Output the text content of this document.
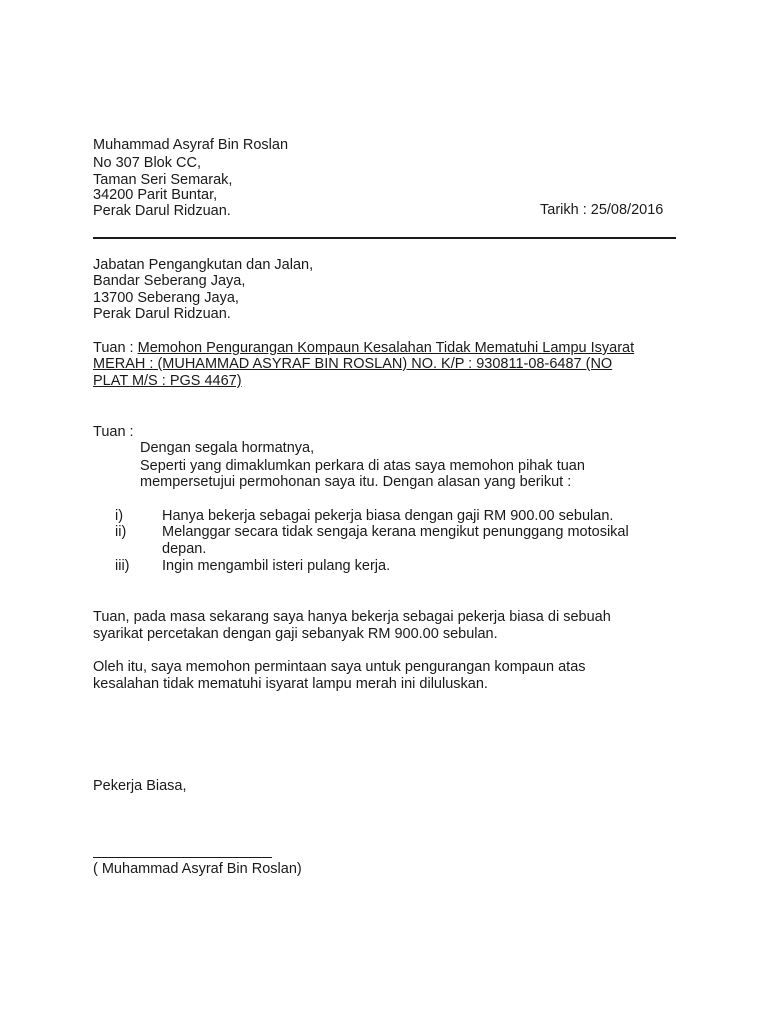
Muhammad Asyraf Bin Roslan
No 307 Blok CC,
Taman Seri Semarak,
34200 Parit Buntar,
Perak Darul Ridzuan.	Tarikh : 25/08/2016
Jabatan Pengangkutan dan Jalan,
Bandar Seberang Jaya,
13700 Seberang Jaya,
Perak Darul Ridzuan.
Tuan : Memohon Pengurangan Kompaun Kesalahan Tidak Mematuhi Lampu Isyarat
MERAH : (MUHAMMAD ASYRAF BIN ROSLAN) NO. K/P : 930811-08-6487 (NO
PLAT M/S : PGS 4467)
Tuan :
Dengan segala hormatnya,
Seperti yang dimaklumkan perkara di atas saya memohon pihak tuan
mempersetujui permohonan saya itu. Dengan alasan yang berikut :
i)	Hanya bekerja sebagai pekerja biasa dengan gaji RM 900.00 sebulan.
ii) Melanggar secara tidak sengaja kerana mengikut penunggang motosikal
depan.
iii) Ingin mengambil isteri pulang kerja.
Tuan, pada masa sekarang saya hanya bekerja sebagai pekerja biasa di sebuah
syarikat percetakan dengan gaji sebanyak RM 900.00 sebulan.
Oleh itu, saya memohon permintaan saya untuk pengurangan kompaun atas
kesalahan tidak mematuhi isyarat lampu merah ini diluluskan.
Pekerja Biasa,
( Muhammad Asyraf Bin Roslan)
